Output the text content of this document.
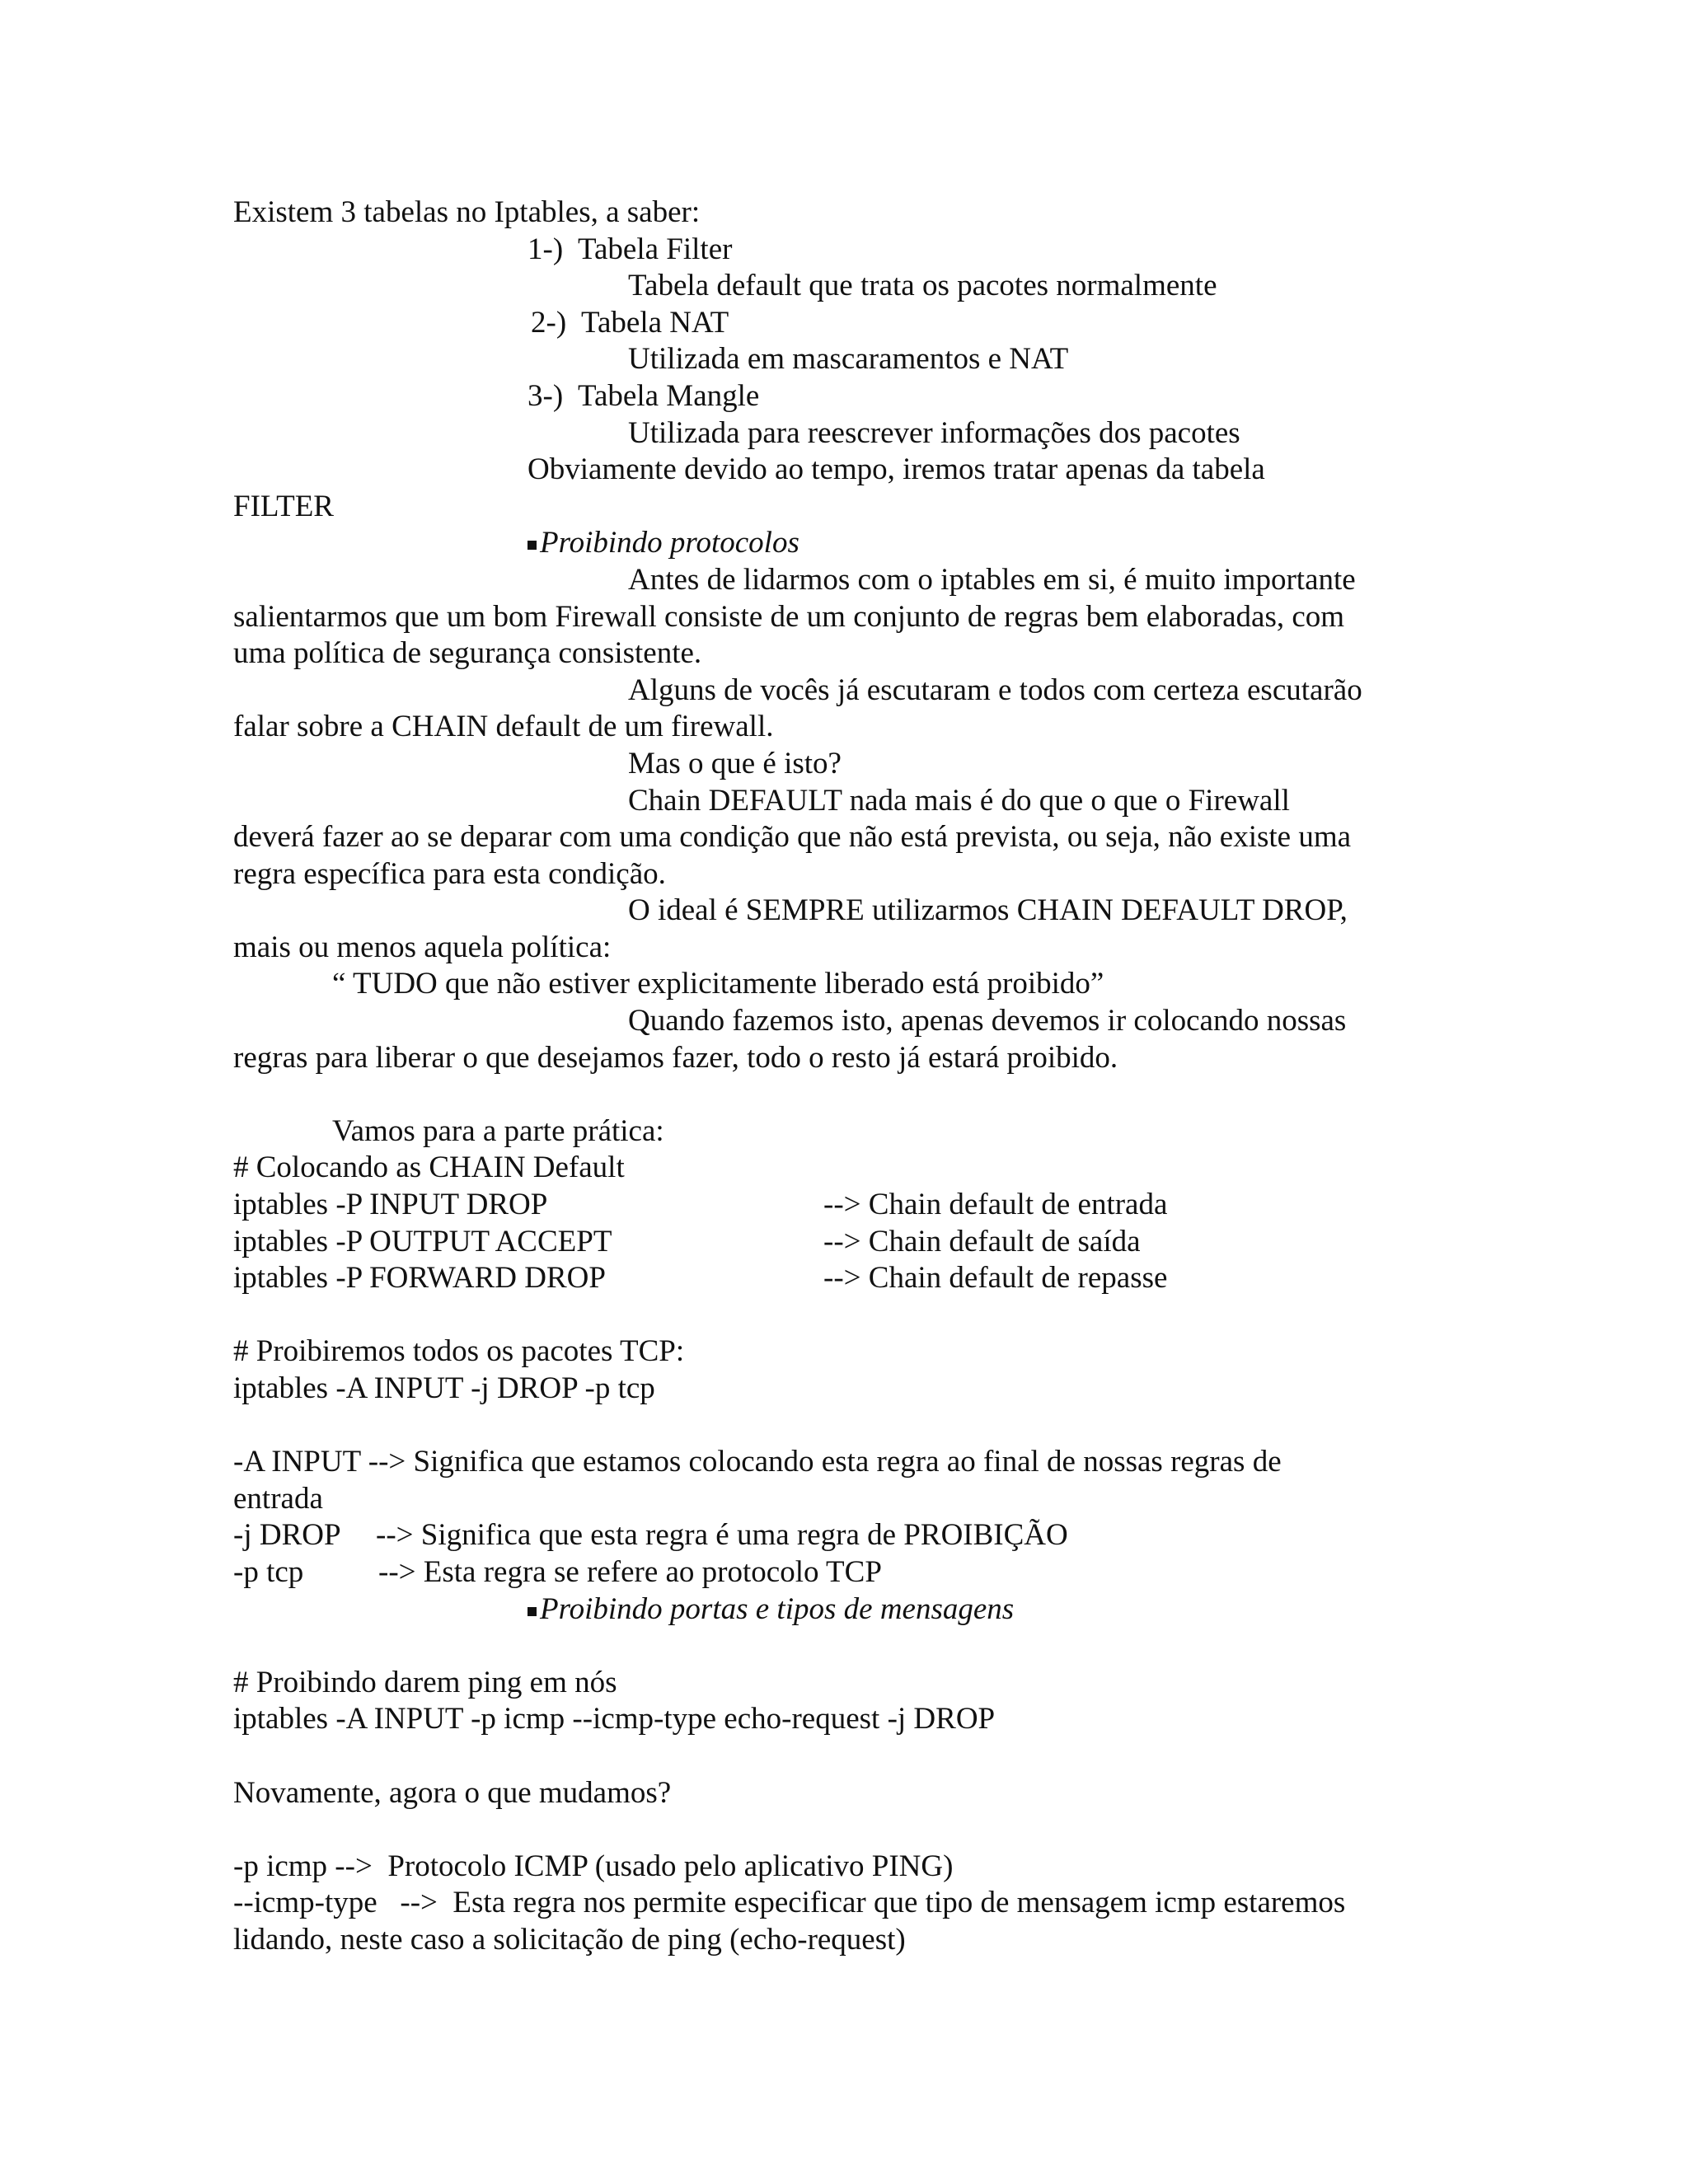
Existem 3 tabelas no Iptables, a saber:
1-)  Tabela Filter
Tabela default que trata os pacotes normalmente
2-)  Tabela NAT
Utilizada em mascaramentos e NAT
3-)  Tabela Mangle
Utilizada para reescrever informações dos pacotes
Obviamente devido ao tempo, iremos tratar apenas da tabela
FILTER
Proibindo protocolos
Antes de lidarmos com o iptables em si, é muito importante
salientarmos que um bom Firewall consiste de um conjunto de regras bem elaboradas, com
uma política de segurança consistente.
Alguns de vocês já escutaram e todos com certeza escutarão
falar sobre a CHAIN default de um firewall.
Mas o que é isto?
Chain DEFAULT nada mais é do que o que o Firewall
deverá fazer ao se deparar com uma condição que não está prevista, ou seja, não existe uma
regra específica para esta condição.
O ideal é SEMPRE utilizarmos CHAIN DEFAULT DROP,
mais ou menos aquela política:
“ TUDO que não estiver explicitamente liberado está proibido”
Quando fazemos isto, apenas devemos ir colocando nossas
regras para liberar o que desejamos fazer, todo o resto já estará proibido.
Vamos para a parte prática:
# Colocando as CHAIN Default
iptables -P INPUT DROP	--> Chain default de entrada
iptables -P OUTPUT ACCEPT	--> Chain default de saída
iptables -P FORWARD DROP	--> Chain default de repasse
# Proibiremos todos os pacotes TCP:
iptables -A INPUT -j DROP -p tcp
-A INPUT --> Significa que estamos colocando esta regra ao final de nossas regras de
entrada
-j DROP --> Significa que esta regra é uma regra de PROIBIÇÃO
-p tcp --> Esta regra se refere ao protocolo TCP
Proibindo portas e tipos de mensagens
# Proibindo darem ping em nós
iptables -A INPUT -p icmp --icmp-type echo-request -j DROP
Novamente, agora o que mudamos?
-p icmp --> Protocolo ICMP (usado pelo aplicativo PING)
--icmp-type   --> Esta regra nos permite especificar que tipo de mensagem icmp estaremos
lidando, neste caso a solicitação de ping (echo-request)
